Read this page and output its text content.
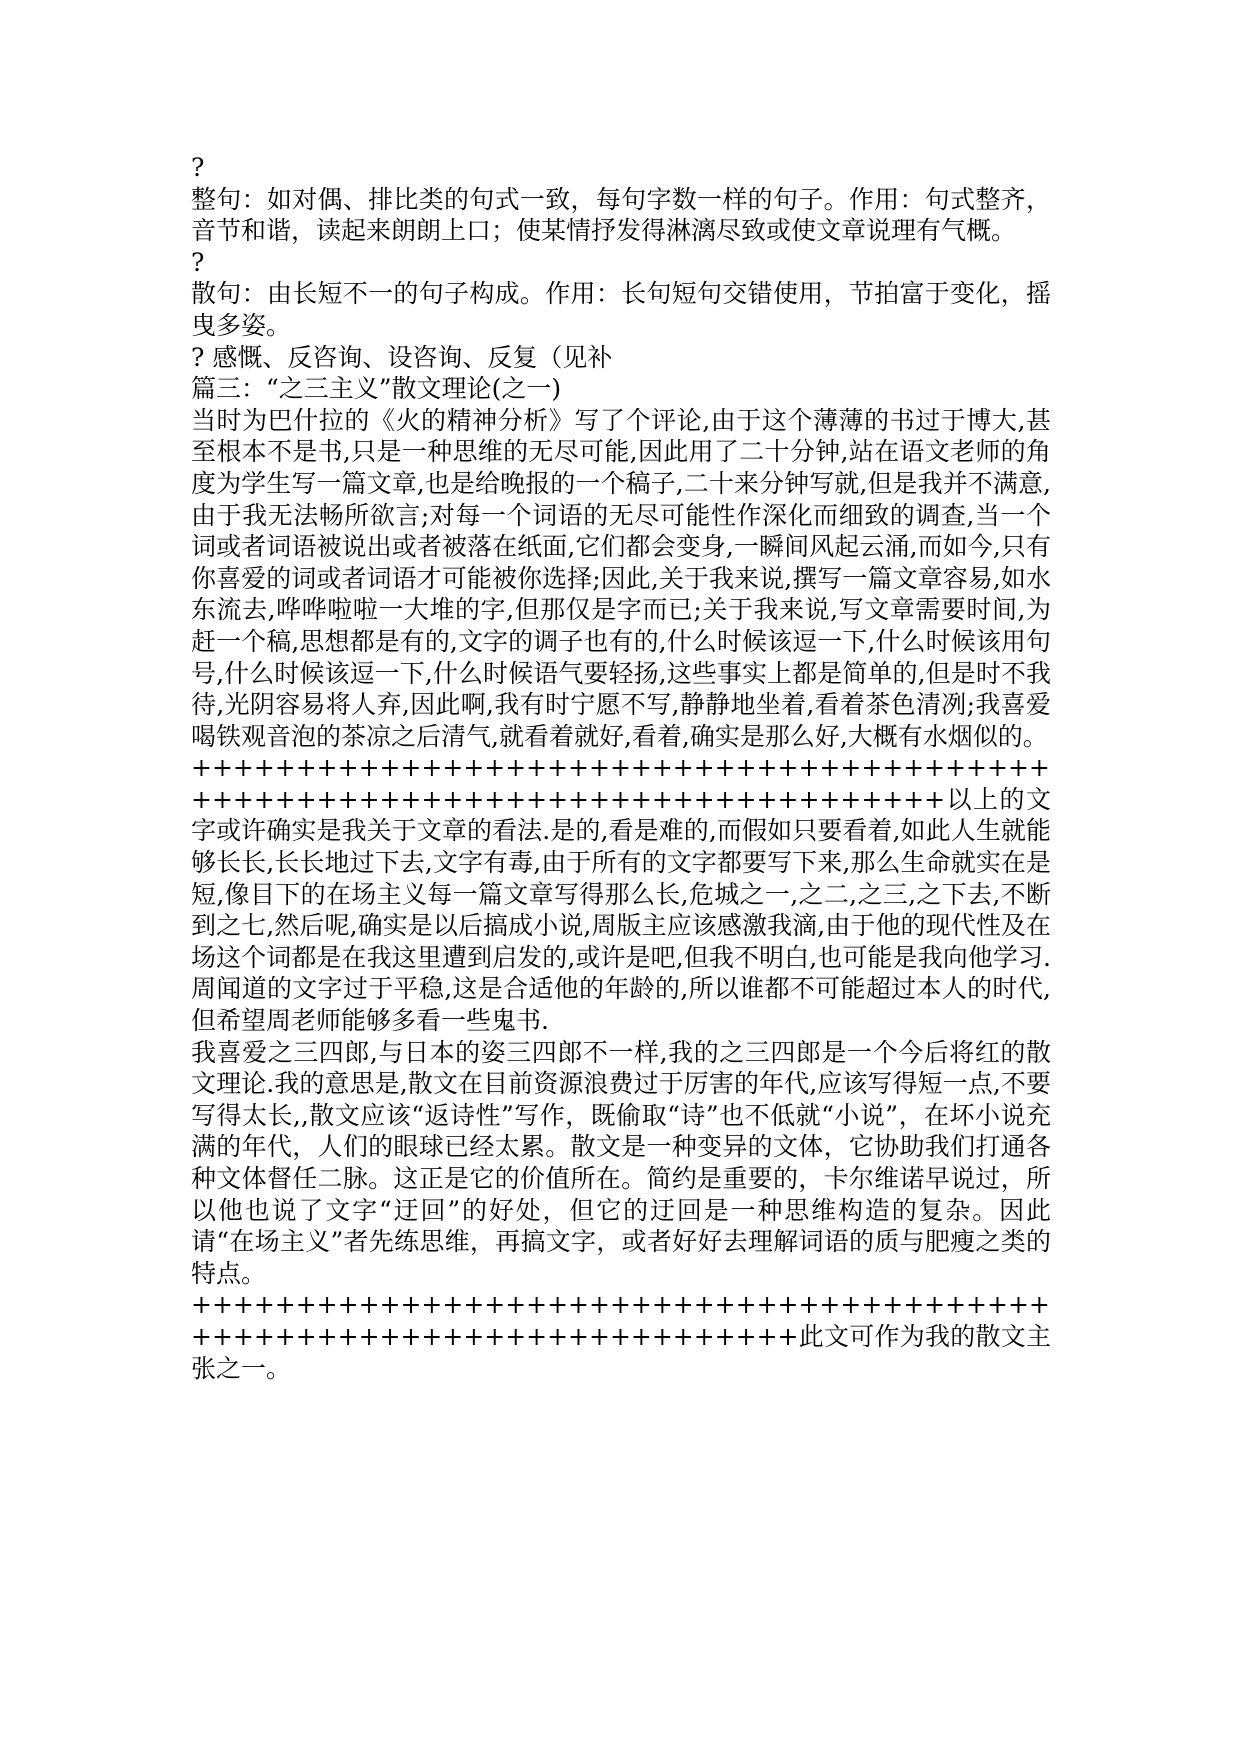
?

整句：如对偶、排比类的句式一致，每句字数一样的句子。作用：句式整齐，音节和谐，读起来朗朗上口；使某情抒发得淋漓尽致或使文章说理有气概。

?

散句：由长短不一的句子构成。作用：长句短句交错使用，节拍富于变化，摇曳多姿。

? 感慨、反咨询、设咨询、反复（见补

篇三：“之三主义”散文理论(之一)

当时为巴什拉的《火的精神分析》写了个评论,由于这个薄薄的书过于博大,甚至根本不是书,只是一种思维的无尽可能,因此用了二十分钟,站在语文老师的角度为学生写一篇文章,也是给晚报的一个稿子,二十来分钟写就,但是我并不满意,由于我无法畅所欲言;对每一个词语的无尽可能性作深化而细致的调查,当一个词或者词语被说出或者被落在纸面,它们都会变身,一瞬间风起云涌,而如今,只有你喜爱的词或者词语才可能被你选择;因此,关于我来说,撰写一篇文章容易,如水东流去,哗哗啦啦一大堆的字,但那仅是字而已;关于我来说,写文章需要时间,为赶一个稿,思想都是有的,文字的调子也有的,什么时候该逗一下,什么时候该用句号,什么时候该逗一下,什么时候语气要轻扬,这些事实上都是简单的,但是时不我待,光阴容易将人弃,因此啊,我有时宁愿不写,静静地坐着,看着茶色清冽;我喜爱喝铁观音泡的茶凉之后清气,就看着就好,看着,确实是那么好,大概有水烟似的。

+++++++++++++++++++++++++++++++++++++++++++++++++++++++++++++++++++++++++++++以上的文字或许确实是我关于文章的看法.是的,看是难的,而假如只要看着,如此人生就能够长长,长长地过下去,文字有毒,由于所有的文字都要写下来,那么生命就实在是短,像目下的在场主义每一篇文章写得那么长,危城之一,之二,之三,之下去,不断到之七,然后呢,确实是以后搞成小说,周版主应该感激我滴,由于他的现代性及在场这个词都是在我这里遭到启发的,或许是吧,但我不明白,也可能是我向他学习.周闻道的文字过于平稳,这是合适他的年龄的,所以谁都不可能超过本人的时代,但希望周老师能够多看一些鬼书.

我喜爱之三四郎,与日本的姿三四郎不一样,我的之三四郎是一个今后将红的散文理论.我的意思是,散文在目前资源浪费过于厉害的年代,应该写得短一点,不要写得太长,,散文应该“返诗性”写作，既偷取“诗”也不低就“小说”，在坏小说充满的年代，人们的眼球已经太累。散文是一种变异的文体，它协助我们打通各种文体督任二脉。这正是它的价值所在。简约是重要的，卡尔维诺早说过，所以他也说了文字“迂回”的好处，但它的迂回是一种思维构造的复杂。因此请“在场主义”者先练思维，再搞文字，或者好好去理解词语的质与肥瘦之类的特点。

++++++++++++++++++++++++++++++++++++++++++++++++++++++++++++++++++++++此文可作为我的散文主张之一。
